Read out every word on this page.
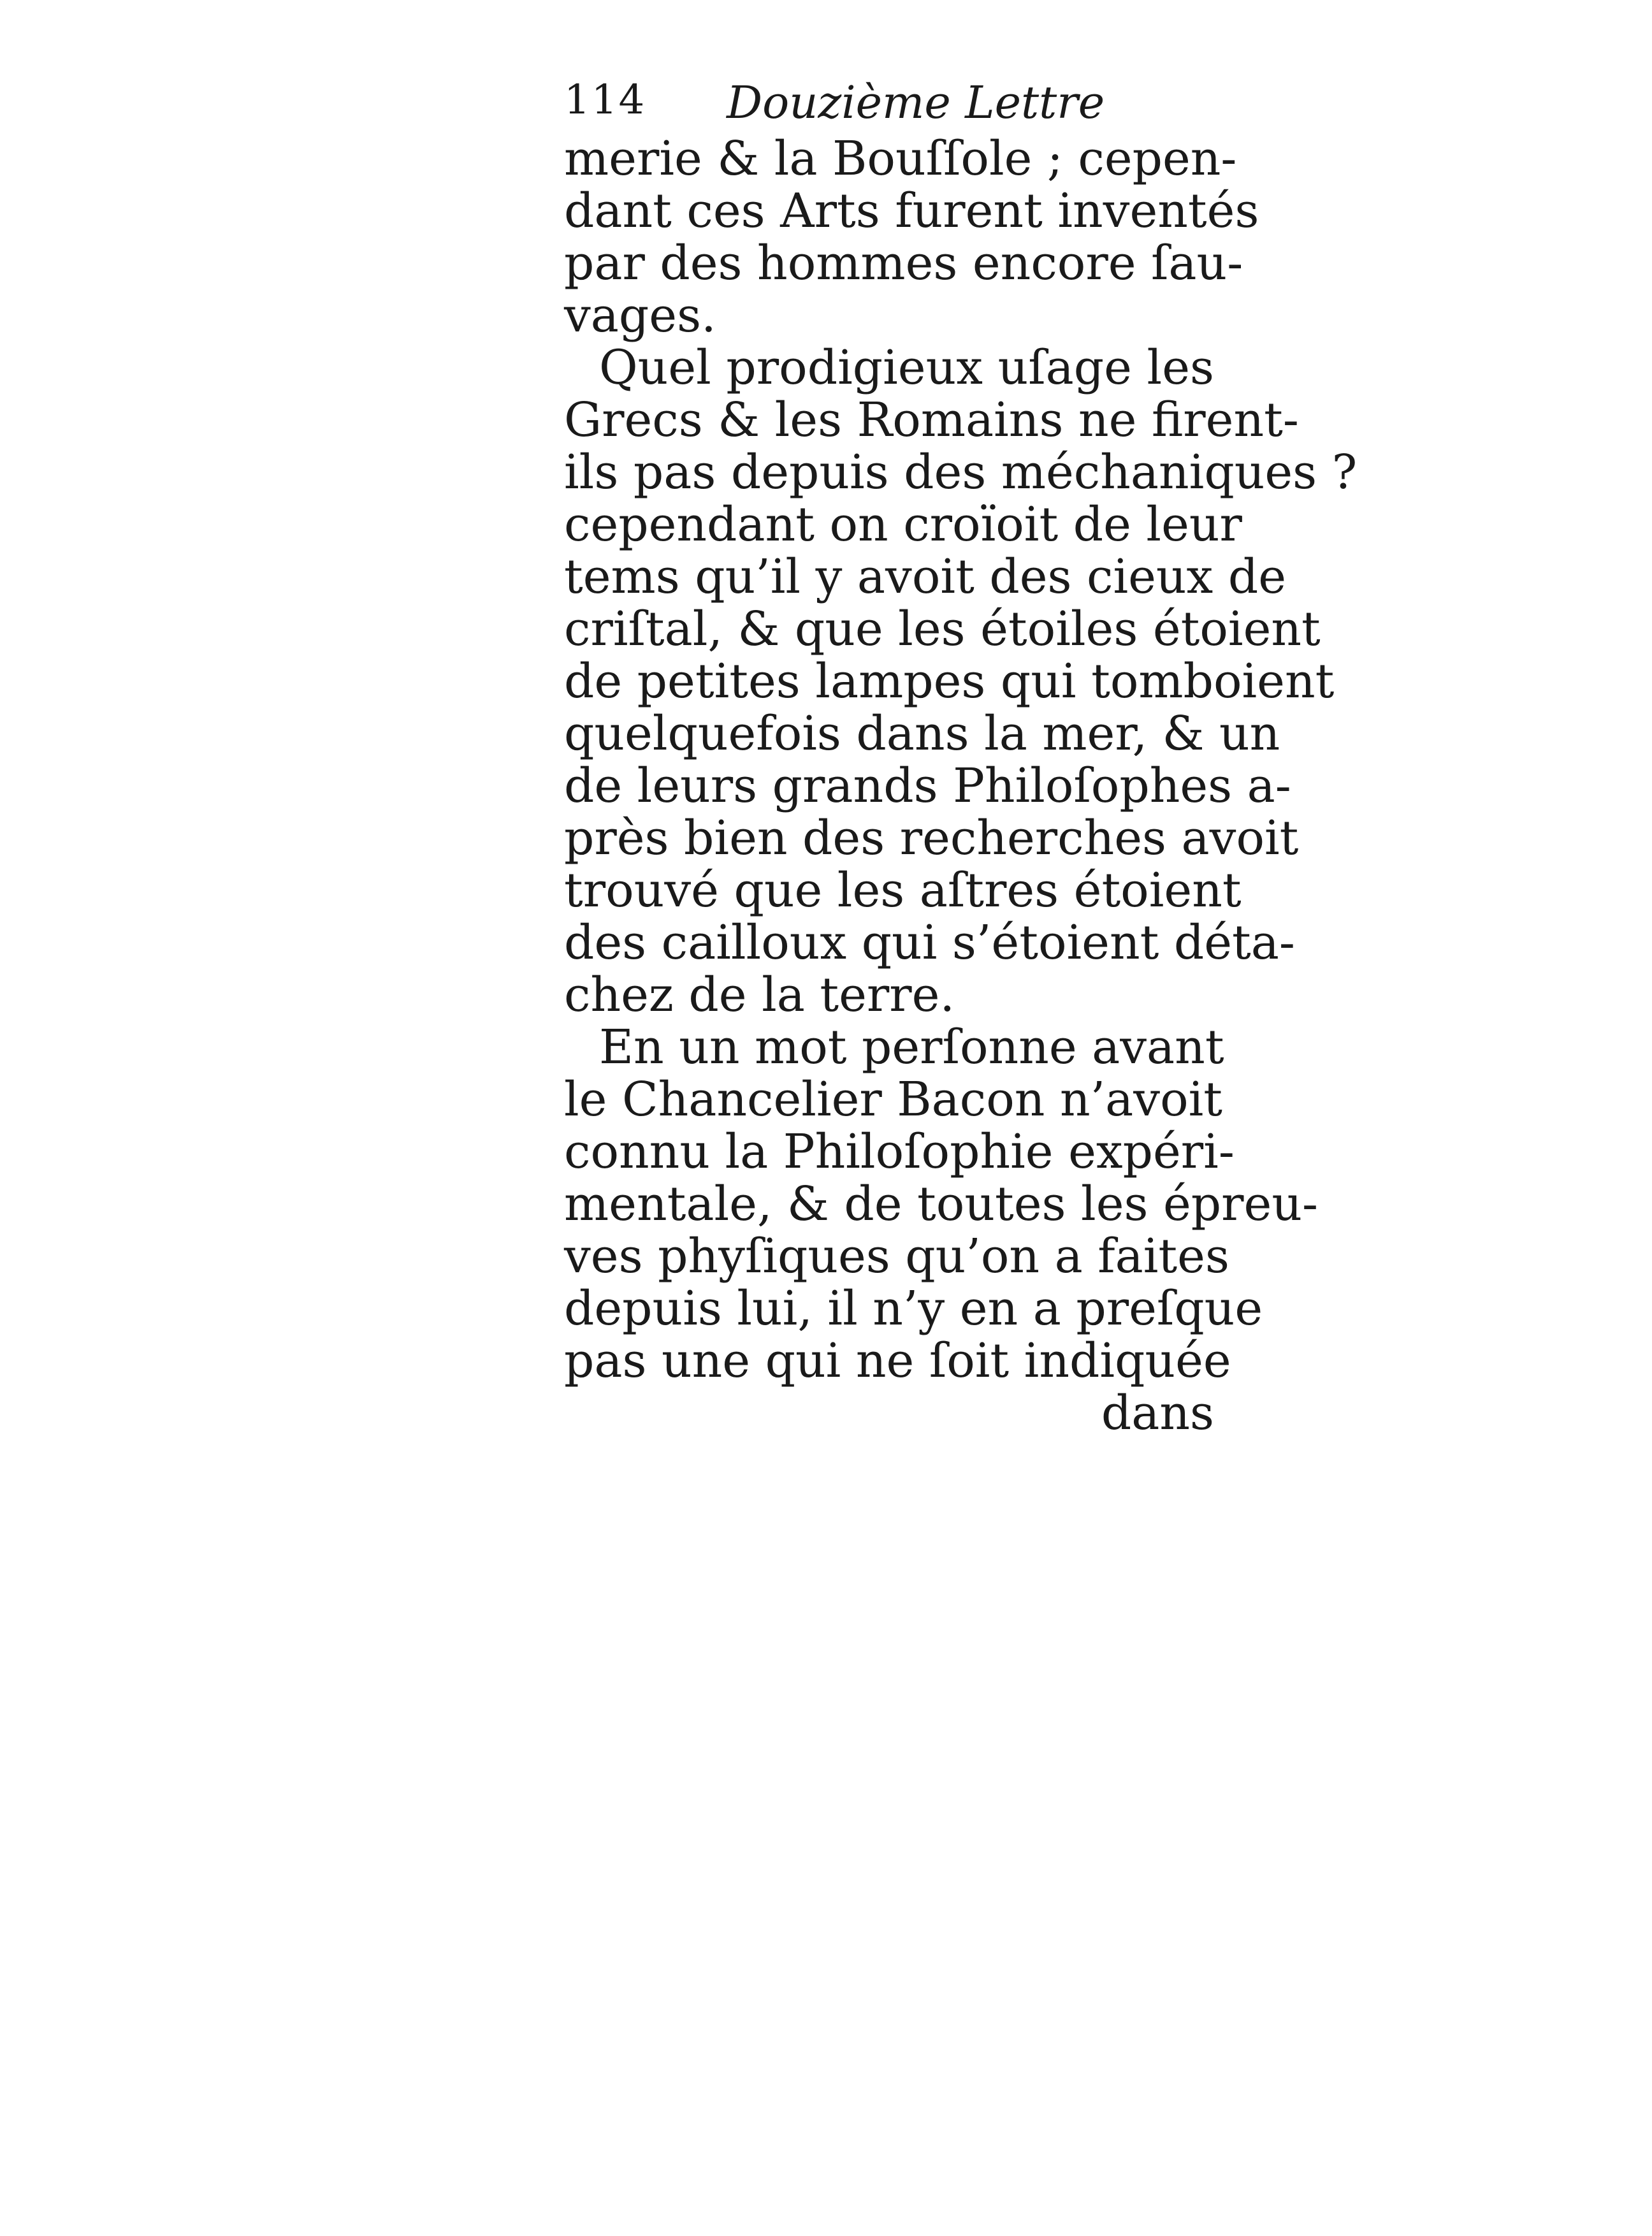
114 Douzième Lettre
merie & la Bouſſole ; cepen-
dant ces Arts furent inventés
par des hommes encore ſau-
vages.
Quel prodigieux uſage les
Grecs & les Romains ne firent-
ils pas depuis des méchaniques ?
cependant on croïoit de leur
tems qu’il y avoit des cieux de
criſtal, & que les étoiles étoient
de petites lampes qui tomboient
quelquefois dans la mer, & un
de leurs grands Philoſophes a-
près bien des recherches avoit
trouvé que les aſtres étoient
des cailloux qui s’étoient déta-
chez de la terre.
En un mot perſonne avant
le Chancelier Bacon n’avoit
connu la Philoſophie expéri-
mentale, & de toutes les épreu-
ves phyſiques qu’on a faites
depuis lui, il n’y en a preſque
pas une qui ne ſoit indiquée
dans
